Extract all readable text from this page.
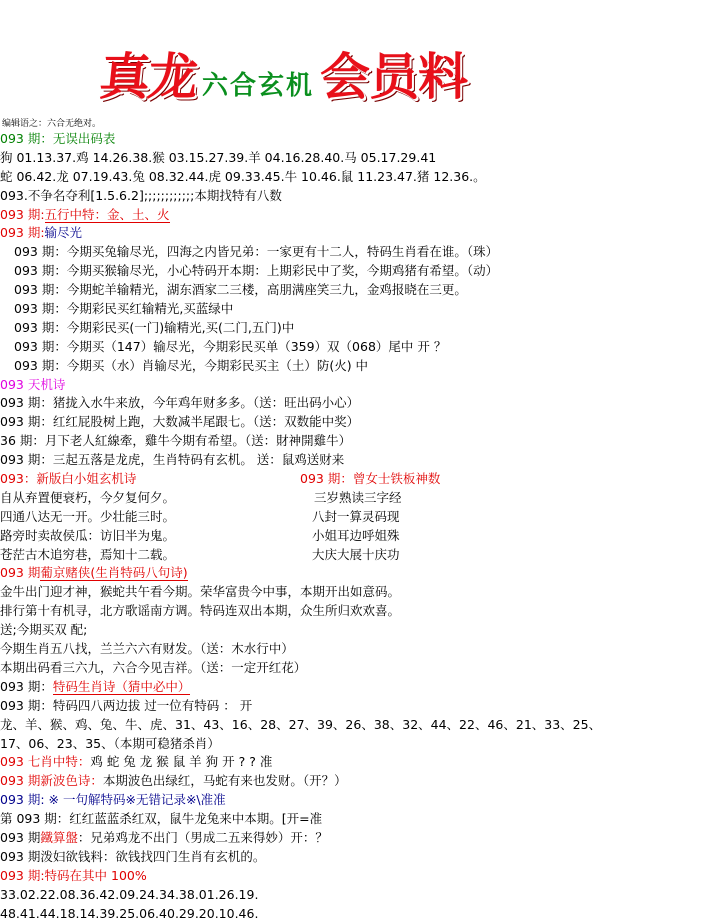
真龙 六合玄机 会员料
编辑语之：六合无绝对。
093 期：无误出码表
狗 01.13.37.鸡 14.26.38.猴 03.15.27.39.羊 04.16.28.40.马 05.17.29.41
蛇 06.42.龙 07.19.43.兔 08.32.44.虎 09.33.45.牛 10.46.鼠 11.23.47.猪 12.36.。
093.不争名夺利[1.5.6.2];;;;;;;;;;;;本期找特有八数
093 期:五行中特：金、土、火
093 期:输尽光
093 期：今期买兔输尽光，四海之内皆兄弟：一家更有十二人，特码生肖看在谁。（珠）
093 期：今期买猴输尽光，小心特码开本期：上期彩民中了奖，今期鸡猪有希望。（动）
093 期：今期蛇羊输精光，湖东酒家二三楼，高朋满座笑三九，金鸡报晓在三更。
093 期：今期彩民买红输精光,买蓝绿中
093 期：今期彩民买(一门)输精光,买(二门,五门)中
093 期：今期买（147）输尽光，今期彩民买单（359）双（068）尾中 开 ？
093 期：今期买（水）肖输尽光，今期彩民买主（土）防(火) 中
093 天机诗
093 期：猪拢入水牛来放，今年鸡年财多多。（送：旺出码小心）
093 期：红红屁股树上跑，大数减半尾跟七。（送：双数能中奖）
36 期：月下老人紅線牽，雞牛今期有希望。（送：財神開雞牛）
093 期：三起五落是龙虎，生肖特码有玄机。 送：鼠鸡送财来
093：新版白小姐玄机诗	093 期：曾女士铁板神数
自从弃置便衰朽，今夕复何夕。	三岁熟读三字经
四通八达无一开。少壮能三时。	八封一算灵码现
路旁时卖故侯瓜：访旧半为鬼。	小姐耳边呼姐殊
苍茫古木追穷巷，焉知十二载。	大庆大展十庆功
093 期葡京赌侠(生肖特码八句诗)
金牛出门迎才神，猴蛇共午看今期。荣华富贵今中事，本期开出如意码。
排行第十有机寻，北方歌谣南方调。特码连双出本期，众生所归欢欢喜。
送;今期买双 配;
今期生肖五八找，兰兰六六有财发。（送：木水行中）
本期出码看三六九，六合今见吉祥。（送：一定开红花）
093 期：特码生肖诗（猜中必中）
093 期：特码四八两边拔 过一位有特码 ： 开
龙、羊、猴、鸡、兔、牛、虎、31、43、16、28、27、39、26、38、32、44、22、46、21、33、25、
17、06、23、35、（本期可稳猪杀肖）
093 七肖中特：鸡 蛇 兔 龙 猴 鼠 羊 狗 开 ? ? 准
093 期新波色诗：本期波色出绿红，马蛇有来也发财。（开？）
093 期: ※ 一句解特码※无错记录※\准准
第 093 期：红红蓝蓝杀红双，鼠牛龙兔来中本期。[开=准
093 期鐵算盤：兄弟鸡龙不出门（男成二五来得妙）开：？
093 期泼妇欲钱料：欲钱找四门生肖有玄机的。
093 期:特码在其中 100%
33.02.22.08.36.42.09.24.34.38.01.26.19.
48.41.44.18.14.39.25.06.40.29.20.10.46.
